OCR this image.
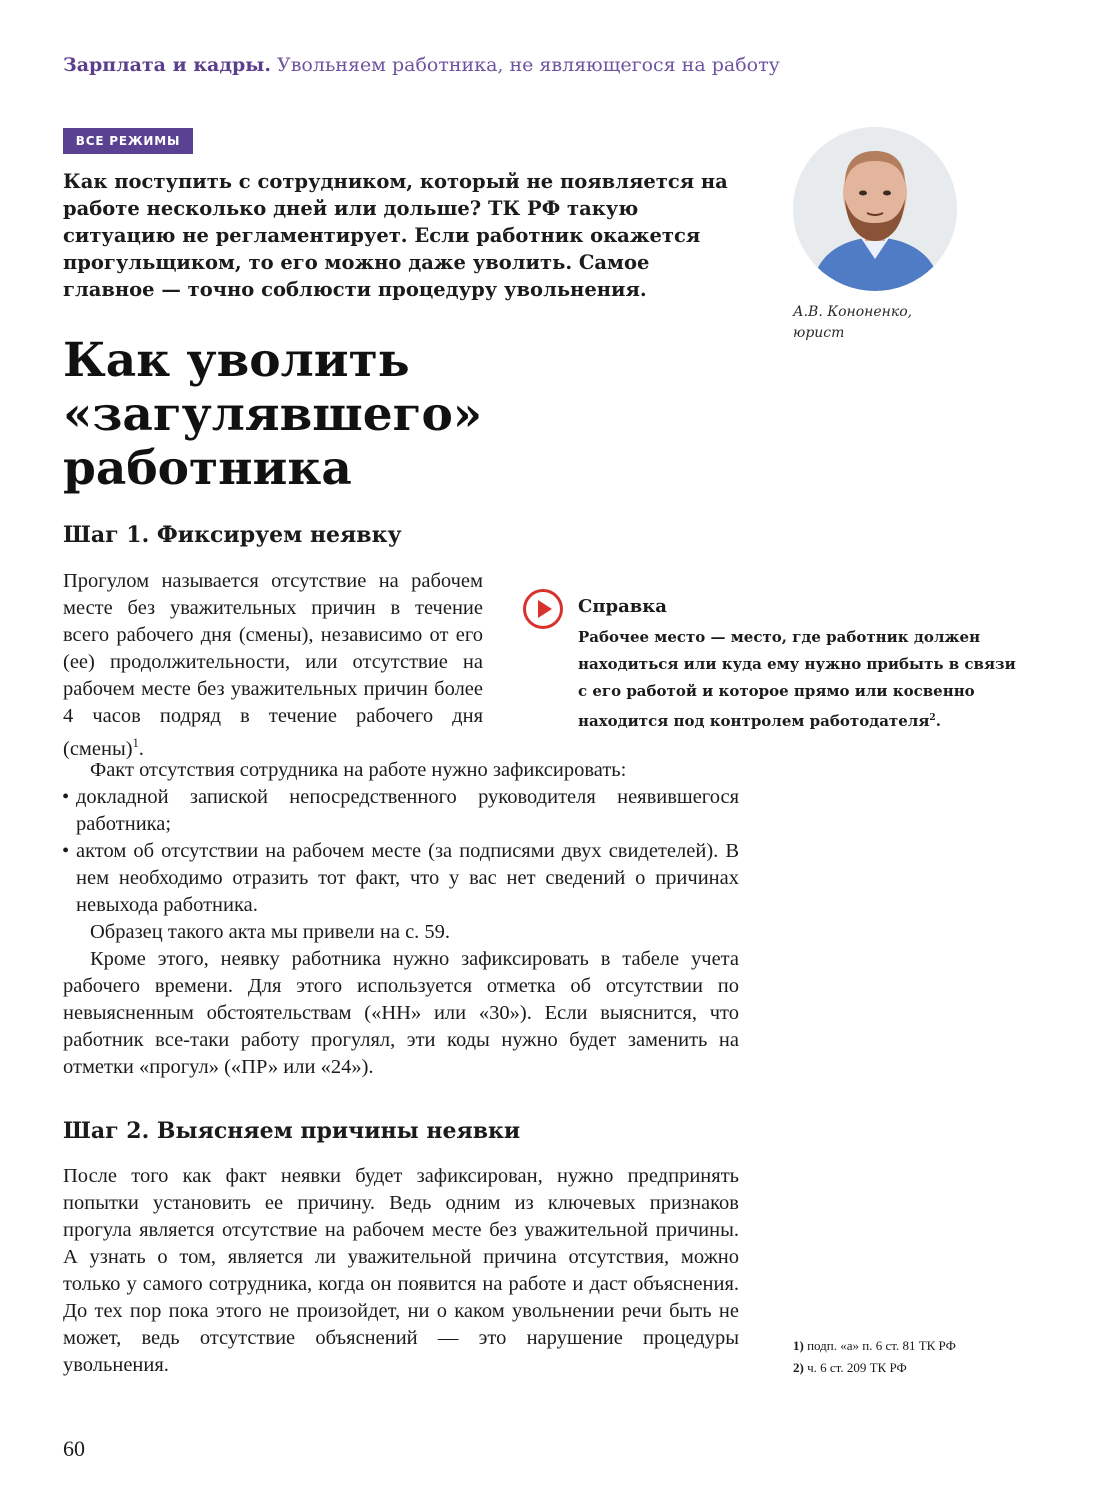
Зарплата и кадры. Увольняем работника, не являющегося на работу
ВСЕ РЕЖИМЫ
Как поступить с сотрудником, который не появляется на работе несколько дней или дольше? ТК РФ такую ситуацию не регламентирует. Если работник окажется прогульщиком, то его можно даже уволить. Самое главное — точно соблюсти процедуру увольнения.
А.В. Кононенко,
юрист
Как уволить
«загулявшего» работника
Шаг 1. Фиксируем неявку
Прогулом называется отсутствие на рабочем месте без уважительных причин в течение всего рабочего дня (смены), независимо от его (ее) продолжительности, или отсутствие на рабочем месте без уважительных причин более 4 часов подряд в течение рабочего дня (смены)$^1$.
Справка
Рабочее место — место, где работник должен находиться или куда ему нужно прибыть в связи с его работой и которое прямо или косвенно находится под контролем работодателя$^2$.
Факт отсутствия сотрудника на работе нужно зафиксировать:
• докладной запиской непосредственного руководителя неявившегося работника;
• актом об отсутствии на рабочем месте (за подписями двух свидетелей). В нем необходимо отразить тот факт, что у вас нет сведений о причинах невыхода работника.
Образец такого акта мы привели на с. 59.
Кроме этого, неявку работника нужно зафиксировать в табеле учета рабочего времени. Для этого используется отметка об отсутствии по невыясненным обстоятельствам («НН» или «30»). Если выяснится, что работник все-таки работу прогулял, эти коды нужно будет заменить на отметки «прогул» («ПР» или «24»).
Шаг 2. Выясняем причины неявки
После того как факт неявки будет зафиксирован, нужно предпринять попытки установить ее причину. Ведь одним из ключевых признаков прогула является отсутствие на рабочем месте без уважительной причины. А узнать о том, является ли уважительной причина отсутствия, можно только у самого сотрудника, когда он появится на работе и даст объяснения. До тех пор пока этого не произойдет, ни о каком увольнении речи быть не может, ведь отсутствие объяснений — это нарушение процедуры увольнения.
1) подп. «а» п. 6 ст. 81 ТК РФ
2) ч. 6 ст. 209 ТК РФ
60
